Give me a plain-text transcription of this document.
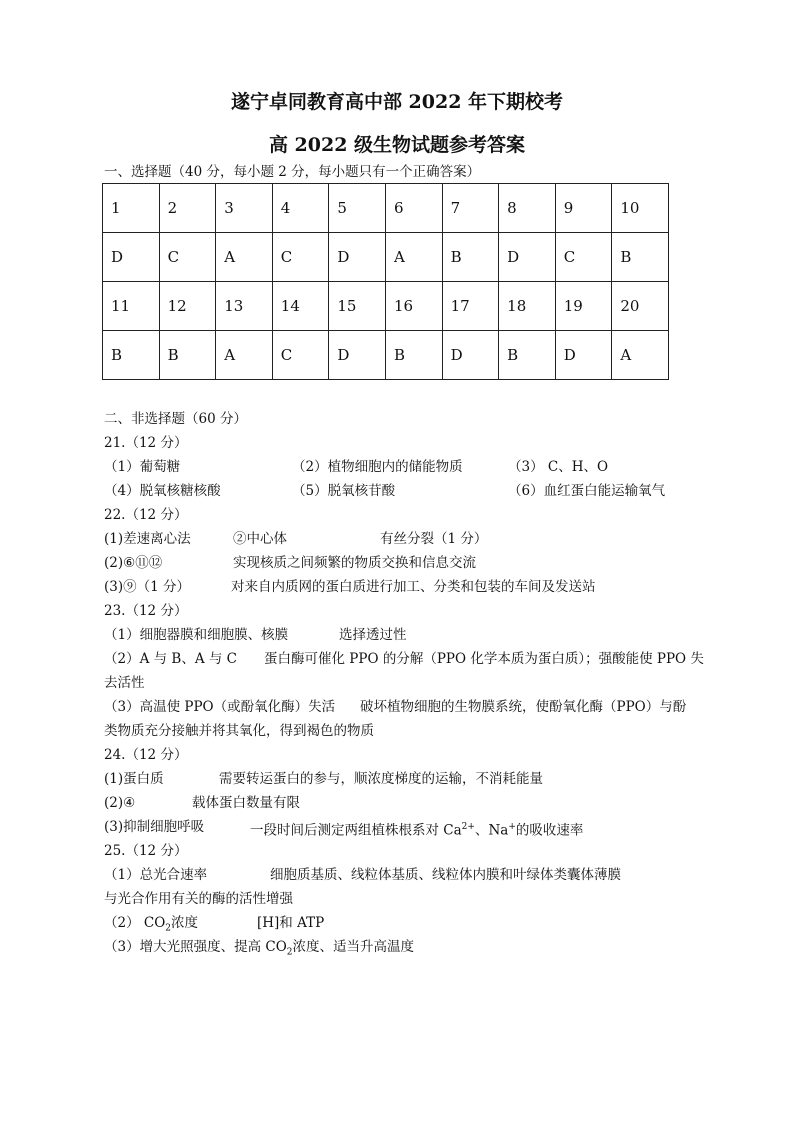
遂宁卓同教育高中部 2022 年下期校考
高 2022 级生物试题参考答案
一、选择题（40 分，每小题 2 分，每小题只有一个正确答案）
1	2	3	4	5	6	7	8	9	10
D	C	A	C	D	A	B	D	C	B
11	12	13	14	15	16	17	18	19	20
B	B	A	C	D	B	D	B	D	A
二、非选择题（60 分）
21.（12 分）
（1）葡萄糖	（2）植物细胞内的储能物质	（3） C、H、O
（4）脱氧核糖核酸	（5）脱氧核苷酸	（6）血红蛋白能运输氧气
22.（12 分）
(1)差速离心法	②中心体	有丝分裂（1 分）
(2)⑥⑪⑫	实现核质之间频繁的物质交换和信息交流
(3)⑨（1 分）	对来自内质网的蛋白质进行加工、分类和包装的车间及发送站
23.（12 分）
（1）细胞器膜和细胞膜、核膜	选择透过性
（2）A 与 B、A 与 C 蛋白酶可催化 PPO 的分解（PPO 化学本质为蛋白质）；强酸能使 PPO 失
去活性
（3）高温使 PPO（或酚氧化酶）失活 破坏植物细胞的生物膜系统，使酚氧化酶（PPO）与酚
类物质充分接触并将其氧化，得到褐色的物质
24.（12 分）
(1)蛋白质	需要转运蛋白的参与，顺浓度梯度的运输，不消耗能量
(2)④	载体蛋白数量有限
(3)抑制细胞呼吸	一段时间后测定两组植株根系对 $Ca^{2+}$、Na+的吸收速率
25.（12 分）
（1）总光合速率	细胞质基质、线粒体基质、线粒体内膜和叶绿体类囊体薄膜
与光合作用有关的酶的活性增强
（2） $CO_2$浓度	[H]和 ATP
（3）增大光照强度、提高 $CO_2$浓度、适当升高温度
